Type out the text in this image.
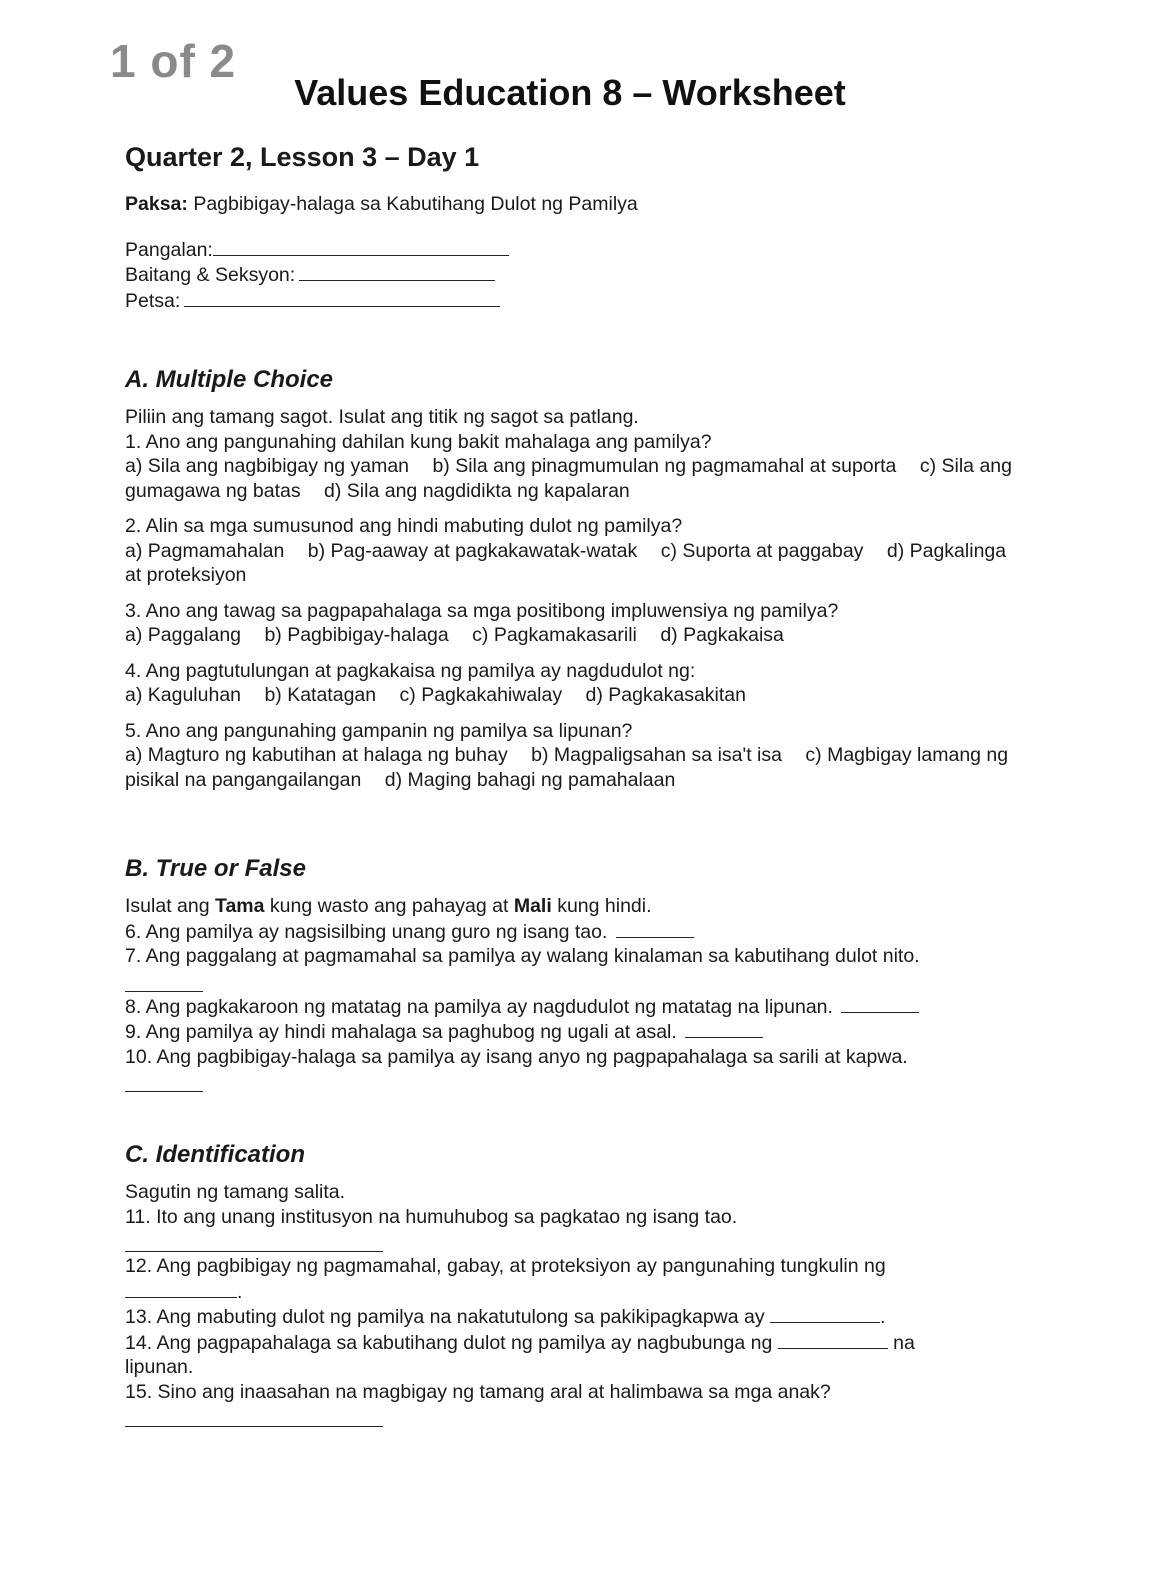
1 of 2
Values Education 8 – Worksheet
Quarter 2, Lesson 3 – Day 1
Paksa: Pagbibigay-halaga sa Kabutihang Dulot ng Pamilya
Pangalan:
Baitang & Seksyon:
Petsa:
A. Multiple Choice
Piliin ang tamang sagot. Isulat ang titik ng sagot sa patlang.
1. Ano ang pangunahing dahilan kung bakit mahalaga ang pamilya?
a) Sila ang nagbibigay ng yaman b) Sila ang pinagmumulan ng pagmamahal at suporta c) Sila ang gumagawa ng batas d) Sila ang nagdidikta ng kapalaran
2. Alin sa mga sumusunod ang hindi mabuting dulot ng pamilya?
a) Pagmamahalan b) Pag-aaway at pagkakawatak-watak c) Suporta at paggabay d) Pagkalinga at proteksiyon
3. Ano ang tawag sa pagpapahalaga sa mga positibong impluwensiya ng pamilya?
a) Paggalang b) Pagbibigay-halaga c) Pagkamakasarili d) Pagkakaisa
4. Ang pagtutulungan at pagkakaisa ng pamilya ay nagdudulot ng:
a) Kaguluhan b) Katatagan c) Pagkakahiwalay d) Pagkakasakitan
5. Ano ang pangunahing gampanin ng pamilya sa lipunan?
a) Magturo ng kabutihan at halaga ng buhay b) Magpaligsahan sa isa't isa c) Magbigay lamang ng pisikal na pangangailangan d) Maging bahagi ng pamahalaan
B. True or False
Isulat ang Tama kung wasto ang pahayag at Mali kung hindi.
6. Ang pamilya ay nagsisilbing unang guro ng isang tao.
7. Ang paggalang at pagmamahal sa pamilya ay walang kinalaman sa kabutihang dulot nito.
8. Ang pagkakaroon ng matatag na pamilya ay nagdudulot ng matatag na lipunan.
9. Ang pamilya ay hindi mahalaga sa paghubog ng ugali at asal.
10. Ang pagbibigay-halaga sa pamilya ay isang anyo ng pagpapahalaga sa sarili at kapwa.
C. Identification
Sagutin ng tamang salita.
11. Ito ang unang institusyon na humuhubog sa pagkatao ng isang tao.
12. Ang pagbibigay ng pagmamahal, gabay, at proteksiyon ay pangunahing tungkulin ng
.
13. Ang mabuting dulot ng pamilya na nakatutulong sa pakikipagkapwa ay	.
14. Ang pagpapahalaga sa kabutihang dulot ng pamilya ay nagbubunga ng	na
lipunan.
15. Sino ang inaasahan na magbigay ng tamang aral at halimbawa sa mga anak?
